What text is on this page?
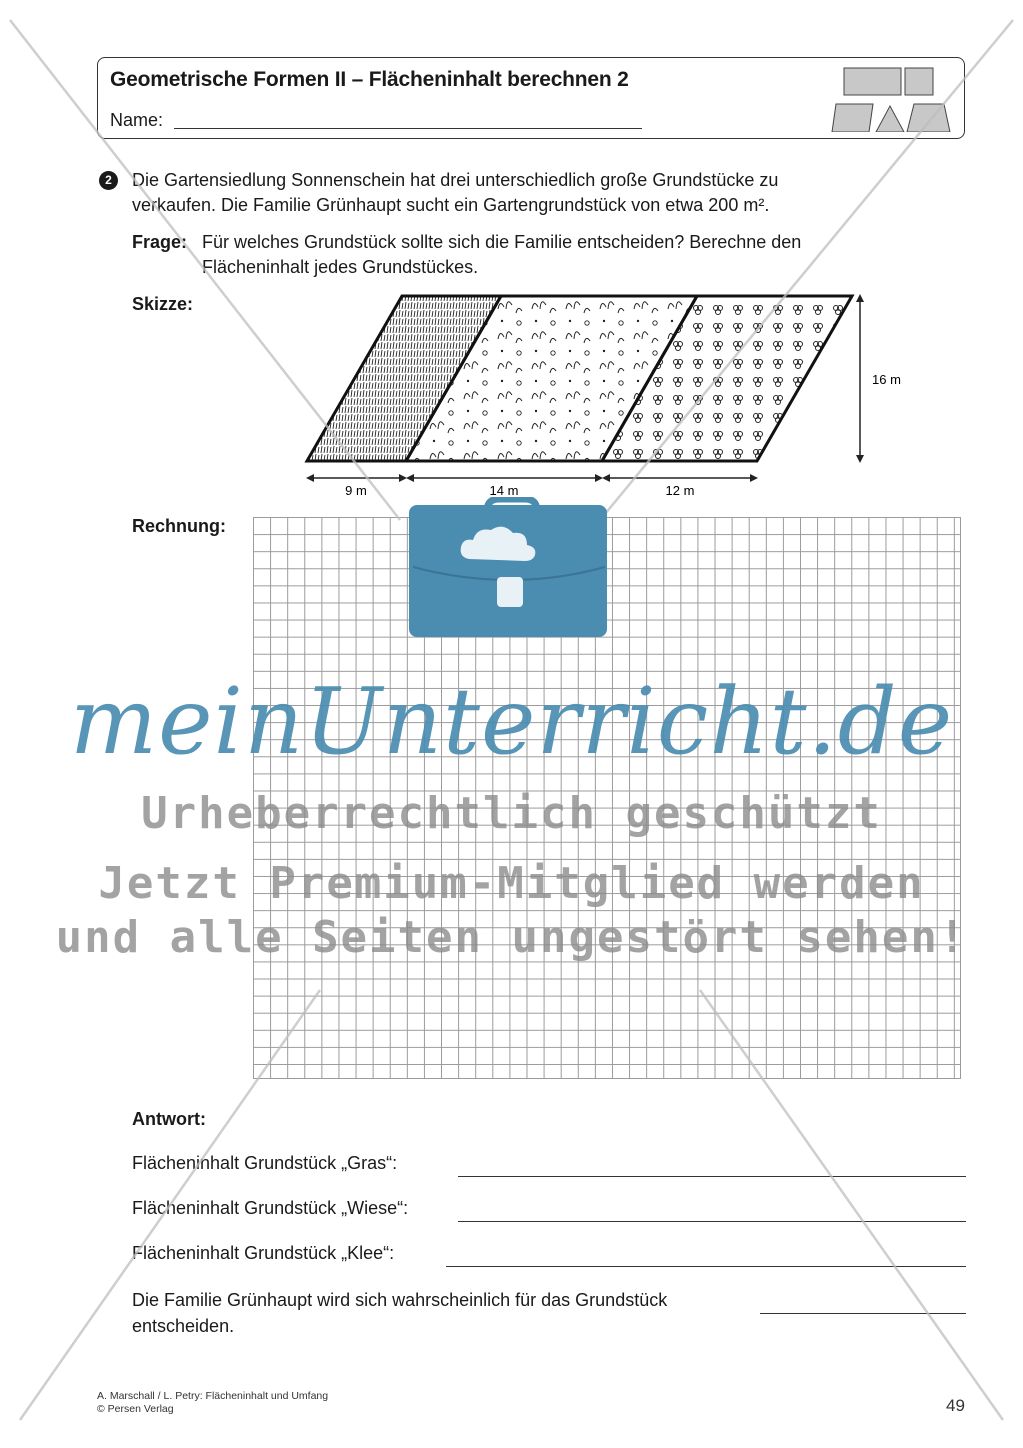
Geometrische Formen II – Flächeninhalt berechnen 2
Name:
2	Die Gartensiedlung Sonnenschein hat drei unterschiedlich große Grundstücke zu
verkaufen. Die Familie Grünhaupt sucht ein Gartengrundstück von etwa 200 m².
Frage: Für welches Grundstück sollte sich die Familie entscheiden? Berechne den
Flächeninhalt jedes Grundstückes.
Skizze:
16 m
9 m	14 m	12 m
Rechnung:
Antwort:
Flächeninhalt Grundstück „Gras“:
Flächeninhalt Grundstück „Wiese“:
Flächeninhalt Grundstück „Klee“:
Die Familie Grünhaupt wird sich wahrscheinlich für das Grundstück
entscheiden.
A. Marschall / L. Petry: Flächeninhalt und Umfang
© Persen Verlag	49
meinUnterricht.de
Urheberrechtlich geschützt
Jetzt Premium-Mitglied werden
und alle Seiten ungestört sehen!
